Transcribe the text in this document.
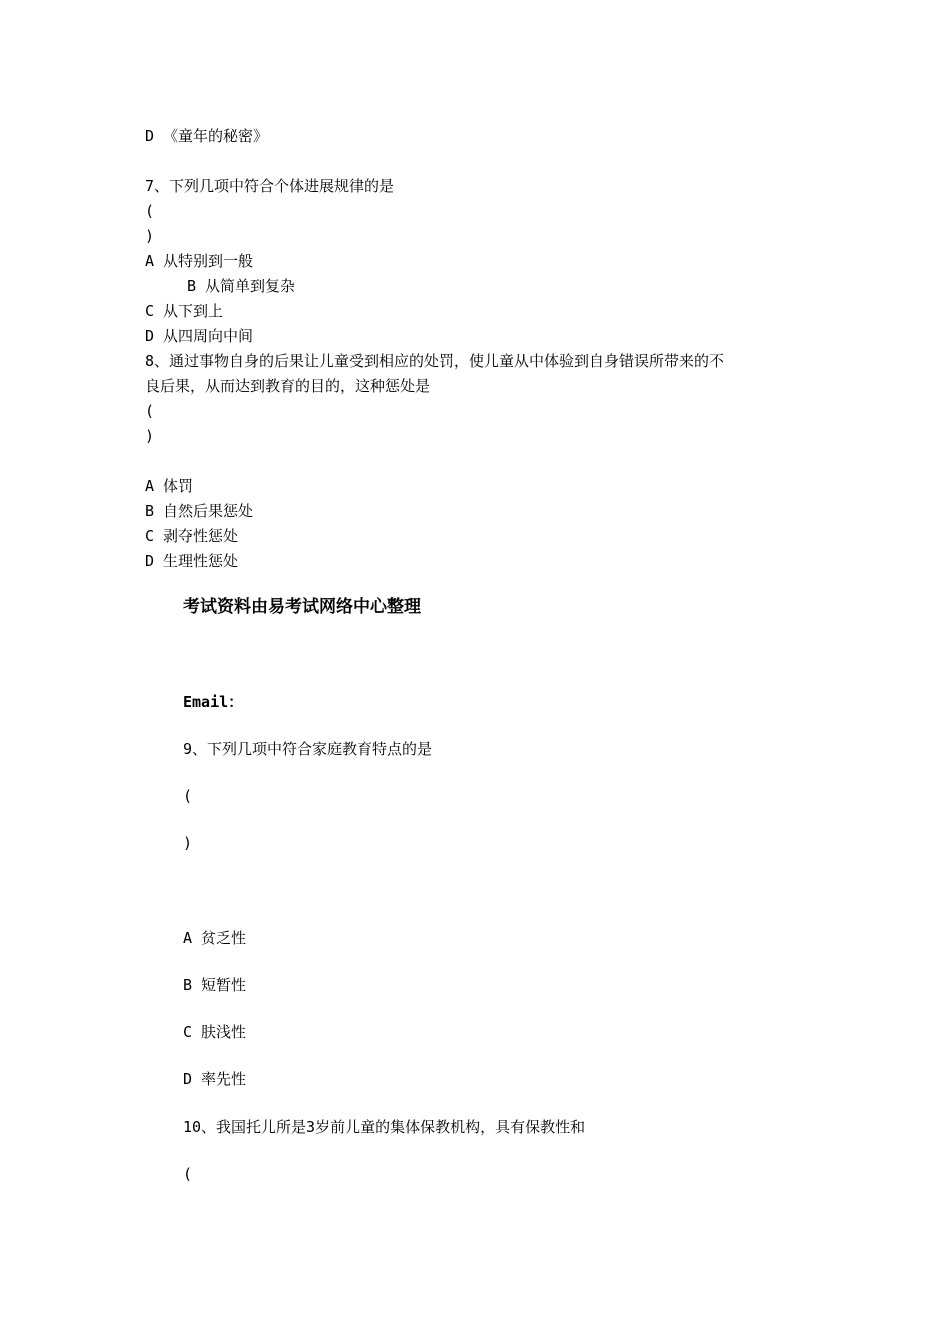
D 《童年的秘密》
7、下列几项中符合个体进展规律的是
(
)
A 从特别到一般
B 从简单到复杂
C 从下到上
D 从四周向中间
8、通过事物自身的后果让儿童受到相应的处罚，使儿童从中体验到自身错误所带来的不
良后果，从而达到教育的目的，这种惩处是
(
)
A 体罚
B 自然后果惩处
C 剥夺性惩处
D 生理性惩处
考试资料由易考试网络中心整理
Email：
9、下列几项中符合家庭教育特点的是
(
)
A 贫乏性
B 短暂性
C 肤浅性
D 率先性
10、我国托儿所是3岁前儿童的集体保教机构，具有保教性和
(
